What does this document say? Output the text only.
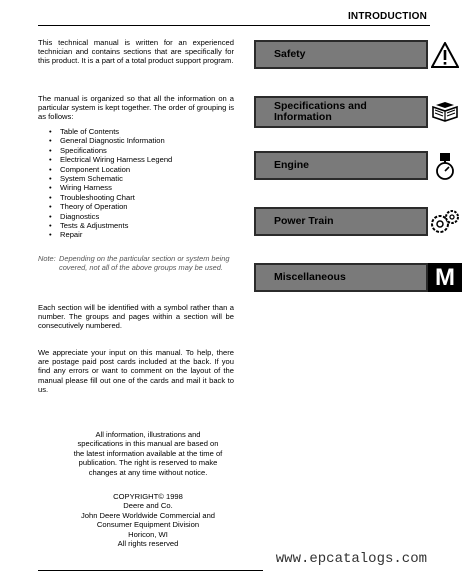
INTRODUCTION

This technical manual is written for an experienced technician and contains sections that are specifically for this product. It is a part of a total product support program.

The manual is organized so that all the information on a particular system is kept together. The order of grouping is as follows:

• Table of Contents
• General Diagnostic Information
• Specifications
• Electrical Wiring Harness Legend
• Component Location
• System Schematic
• Wiring Harness
• Troubleshooting Chart
• Theory of Operation
• Diagnostics
• Tests & Adjustments
• Repair
Note: Depending on the particular section or system being covered, not all of the above groups may be used.

Each section will be identified with a symbol rather than a number. The groups and pages within a section will be consecutively numbered.

We appreciate your input on this manual. To help, there are postage paid post cards included at the back. If you find any errors or want to comment on the layout of the manual please fill out one of the cards and mail it back to us.

All information, illustrations and
specifications in this manual are based on
the latest information available at the time of
publication. The right is reserved to make
changes at any time without notice.
COPYRIGHT© 1998
Deere and Co.
John Deere Worldwide Commercial and
Consumer Equipment Division
Horicon, WI
All rights reserved
Safety
Specifications and Information
Engine
Power Train
Miscellaneous	M
www.epcatalogs.com
